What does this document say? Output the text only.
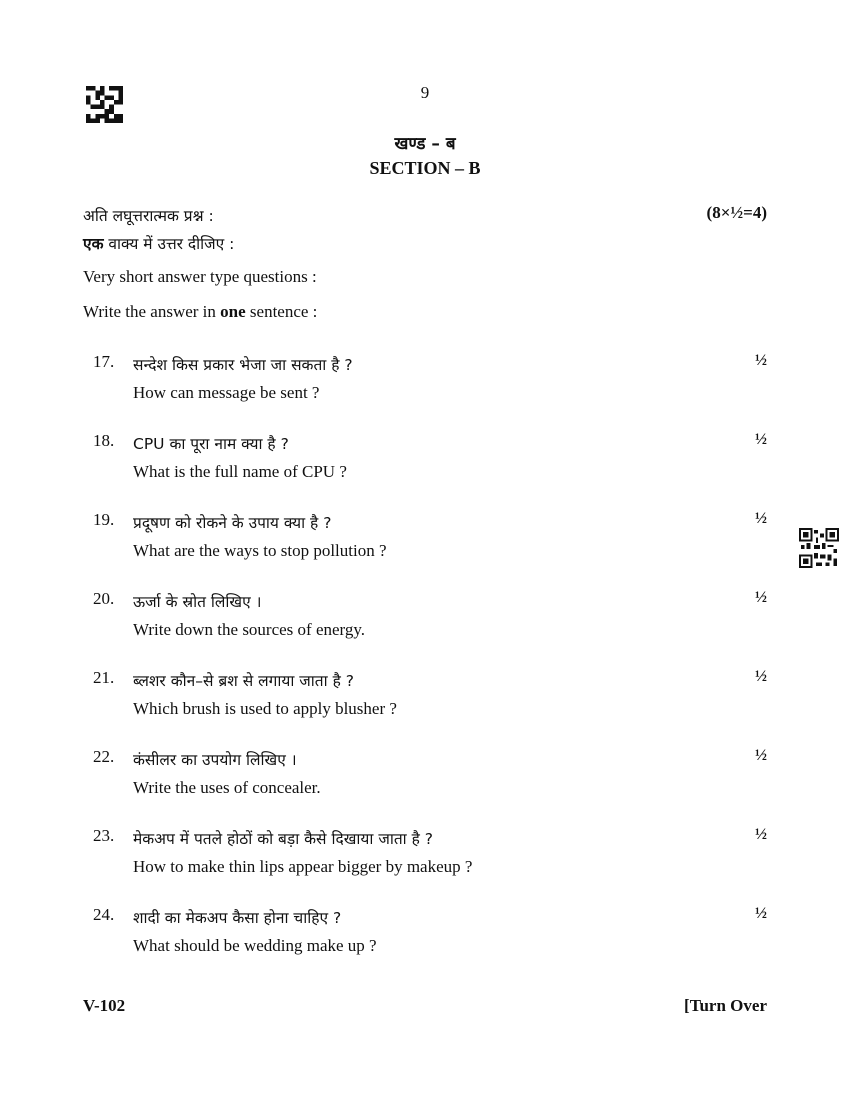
9
खण्ड – ब
SECTION – B
अति लघूत्तरात्मक प्रश्न :
एक वाक्य में उत्तर दीजिए :
(8×½=4)
Very short answer type questions :
Write the answer in one sentence :
17. सन्देश किस प्रकार भेजा जा सकता है ?
How can message be sent ?
½
18. CPU का पूरा नाम क्या है ?
What is the full name of CPU ?
½
19. प्रदूषण को रोकने के उपाय क्या है ?
What are the ways to stop pollution ?
½
20. ऊर्जा के स्रोत लिखिए ।
Write down the sources of energy.
½
21. ब्लशर कौन–से ब्रश से लगाया जाता है ?
Which brush is used to apply blusher ?
½
22. कंसीलर का उपयोग लिखिए ।
Write the uses of concealer.
½
23. मेकअप में पतले होठों को बड़ा कैसे दिखाया जाता है ?
How to make thin lips appear bigger by makeup ?
½
24. शादी का मेकअप कैसा होना चाहिए ?
What should be wedding make up ?
½
V-102	[Turn Over
